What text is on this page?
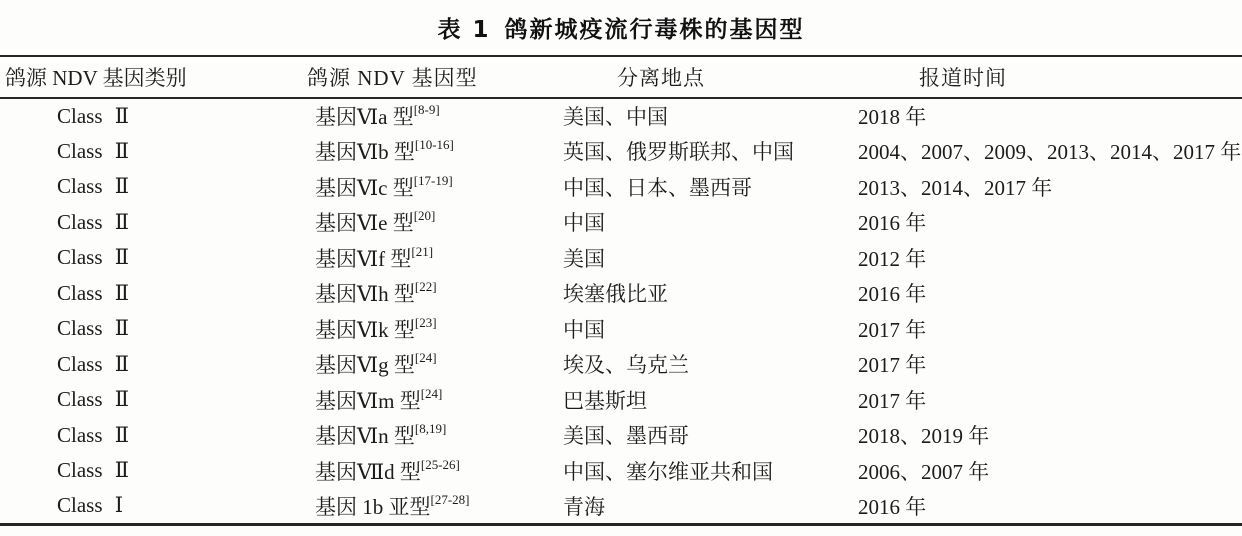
表 1 鸽新城疫流行毒株的基因型
鸽源 NDV 基因类别	鸽源 NDV 基因型	分离地点	报道时间
Class Ⅱ	基因Ⅵa 型[8-9]	美国、中国	2018 年
Class Ⅱ	基因Ⅵb 型[10-16]	英国、俄罗斯联邦、中国	2004、2007、2009、2013、2014、2017 年
Class Ⅱ	基因Ⅵc 型[17-19]	中国、日本、墨西哥	2013、2014、2017 年
Class Ⅱ	基因Ⅵe 型[20]	中国	2016 年
Class Ⅱ	基因Ⅵf 型[21]	美国	2012 年
Class Ⅱ	基因Ⅵh 型[22]	埃塞俄比亚	2016 年
Class Ⅱ	基因Ⅵk 型[23]	中国	2017 年
Class Ⅱ	基因Ⅵg 型[24]	埃及、乌克兰	2017 年
Class Ⅱ	基因Ⅵm 型[24]	巴基斯坦	2017 年
Class Ⅱ	基因Ⅵn 型[8,19]	美国、墨西哥	2018、2019 年
Class Ⅱ	基因Ⅶd 型[25-26]	中国、塞尔维亚共和国	2006、2007 年
Class Ⅰ	基因 1b 亚型[27-28]	青海	2016 年
